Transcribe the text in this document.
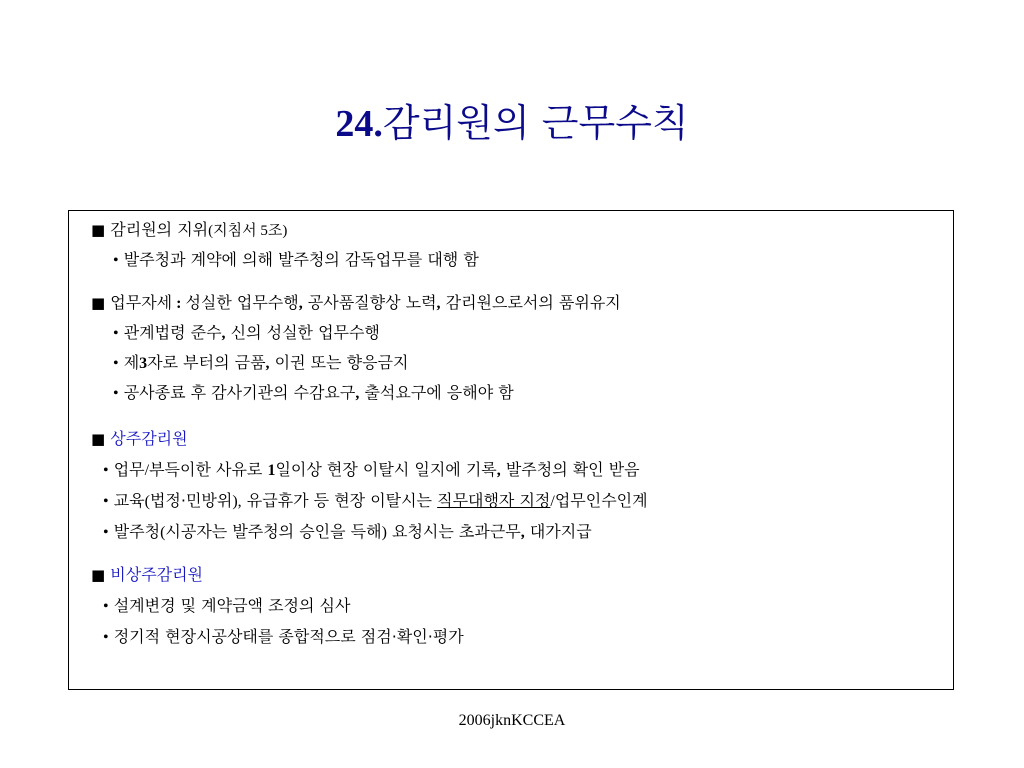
24.감리원의 근무수칙
■ 감리원의 지위(지침서 5조)
• 발주청과 계약에 의해 발주청의 감독업무를 대행 함
■ 업무자세 : 성실한 업무수행, 공사품질향상 노력, 감리원으로서의 품위유지
• 관계법령 준수, 신의 성실한 업무수행
• 제3자로 부터의 금품, 이권 또는 향응금지
• 공사종료 후 감사기관의 수감요구, 출석요구에 응해야 함
■ 상주감리원
• 업무/부득이한 사유로 1일이상 현장 이탈시 일지에 기록, 발주청의 확인 받음
• 교육(법정·민방위), 유급휴가 등 현장 이탈시는 직무대행자 지정/업무인수인계
• 발주청(시공자는 발주청의 승인을 득해) 요청시는 초과근무, 대가지급
■ 비상주감리원
• 설계변경 및 계약금액 조정의 심사
• 정기적 현장시공상태를 종합적으로 점검·확인·평가
2006jknKCCEA
